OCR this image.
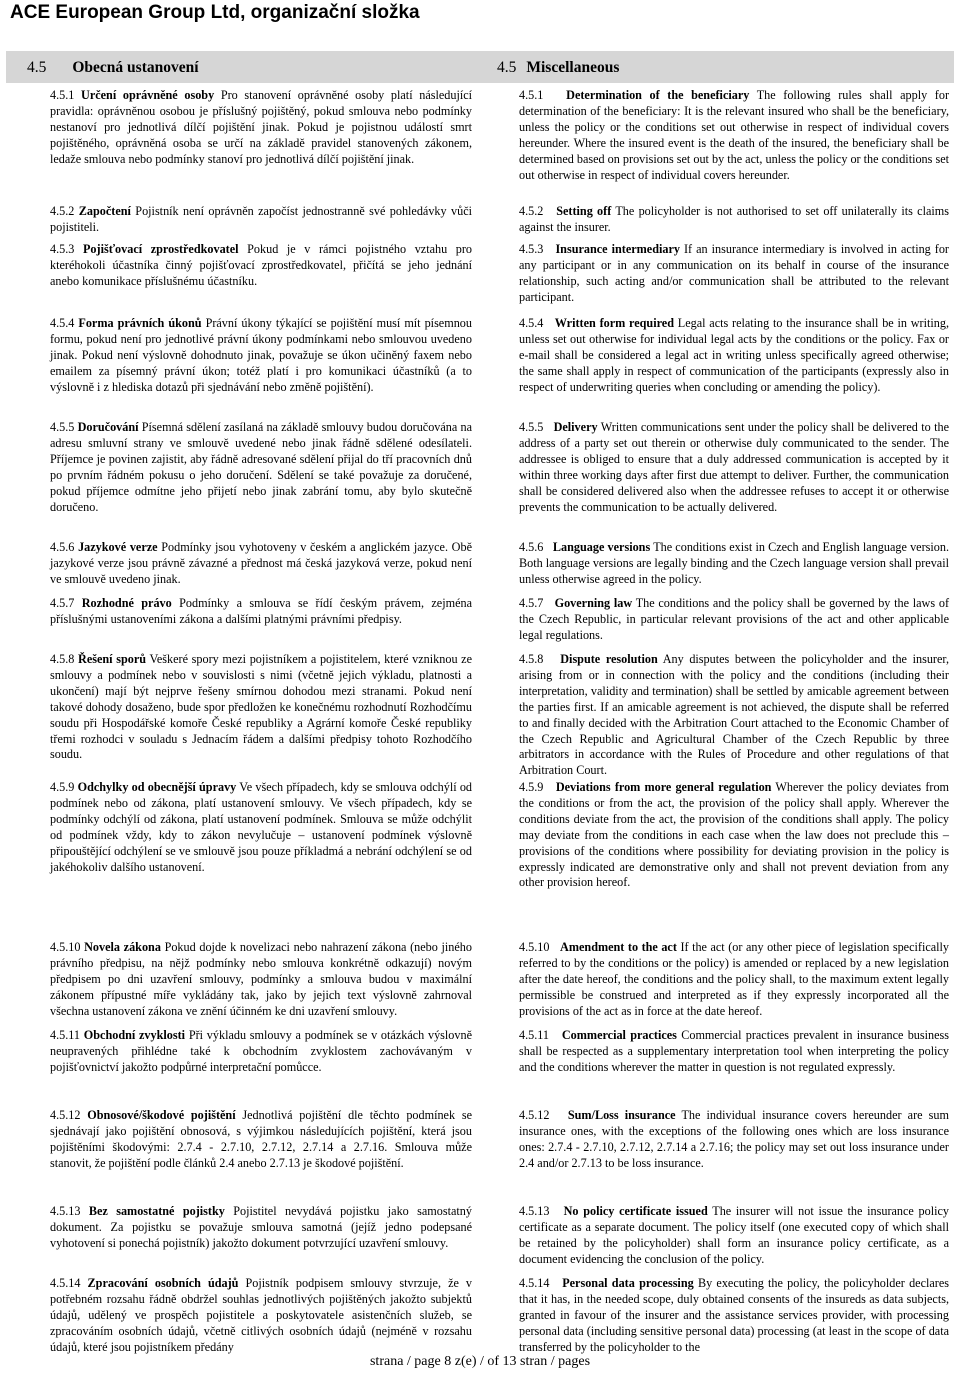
ACE European Group Ltd, organizační složka
4.5 Obecná ustanovení	4.5 Miscellaneous
4.5.1 Určení oprávněné osoby Pro stanovení oprávněné osoby platí následující pravidla: oprávněnou osobou je příslušný pojištěný, pokud smlouva nebo podmínky nestanoví pro jednotlivá dílčí pojištění jinak. Pokud je pojistnou událostí smrt pojištěného, oprávněná osoba se určí na základě pravidel stanovených zákonem, ledaže smlouva nebo podmínky stanoví pro jednotlivá dílčí pojištění jinak.
4.5.2 Započtení Pojistník není oprávněn započíst jednostranně své pohledávky vůči pojistiteli.
4.5.3 Pojišťovací zprostředkovatel Pokud je v rámci pojistného vztahu pro kteréhokoli účastníka činný pojišťovací zprostředkovatel, přičítá se jeho jednání anebo komunikace příslušnému účastníku.
4.5.4 Forma právních úkonů Právní úkony týkající se pojištění musí mít písemnou formu, pokud není pro jednotlivé právní úkony podmínkami nebo smlouvou uvedeno jinak. Pokud není výslovně dohodnuto jinak, považuje se úkon učiněný faxem nebo emailem za písemný právní úkon; totéž platí i pro komunikaci účastníků (a to výslovně i z hlediska dotazů při sjednávání nebo změně pojištění).
4.5.5 Doručování Písemná sdělení zasílaná na základě smlouvy budou doručována na adresu smluvní strany ve smlouvě uvedené nebo jinak řádně sdělené odesílateli. Příjemce je povinen zajistit, aby řádně adresované sdělení přijal do tří pracovních dnů po prvním řádném pokusu o jeho doručení. Sdělení se také považuje za doručené, pokud příjemce odmítne jeho přijetí nebo jinak zabrání tomu, aby bylo skutečně doručeno.
4.5.6 Jazykové verze Podmínky jsou vyhotoveny v českém a anglickém jazyce. Obě jazykové verze jsou právně závazné a přednost má česká jazyková verze, pokud není ve smlouvě uvedeno jinak.
4.5.7 Rozhodné právo Podmínky a smlouva se řídí českým právem, zejména příslušnými ustanoveními zákona a dalšími platnými právními předpisy.
4.5.8 Řešení sporů Veškeré spory mezi pojistníkem a pojistitelem, které vzniknou ze smlouvy a podmínek nebo v souvislosti s nimi (včetně jejich výkladu, platnosti a ukončení) mají být nejprve řešeny smírnou dohodou mezi stranami. Pokud není takové dohody dosaženo, bude spor předložen ke konečnému rozhodnutí Rozhodčímu soudu při Hospodářské komoře České republiky a Agrární komoře České republiky třemi rozhodci v souladu s Jednacím řádem a dalšími předpisy tohoto Rozhodčího soudu.
4.5.9 Odchylky od obecnější úpravy Ve všech případech, kdy se smlouva odchýlí od podmínek nebo od zákona, platí ustanovení smlouvy. Ve všech případech, kdy se podmínky odchýlí od zákona, platí ustanovení podmínek. Smlouva se může odchýlit od podmínek vždy, kdy to zákon nevylučuje – ustanovení podmínek výslovně připouštějící odchýlení se ve smlouvě jsou pouze příkladmá a nebrání odchýlení se od jakéhokoliv dalšího ustanovení.
4.5.10 Novela zákona Pokud dojde k novelizaci nebo nahrazení zákona (nebo jiného právního předpisu, na nějž podmínky nebo smlouva konkrétně odkazují) novým předpisem po dni uzavření smlouvy, podmínky a smlouva budou v maximální zákonem přípustné míře vykládány tak, jako by jejich text výslovně zahrnoval všechna ustanovení zákona ve znění účinném ke dni uzavření smlouvy.
4.5.11 Obchodní zvyklosti Při výkladu smlouvy a podmínek se v otázkách výslovně neupravených přihlédne také k obchodním zvyklostem zachovávaným v pojišťovnictví jakožto podpůrné interpretační pomůcce.
4.5.12 Obnosové/škodové pojištění Jednotlivá pojištění dle těchto podmínek se sjednávají jako pojištění obnosová, s výjimkou následujících pojištění, která jsou pojištěními škodovými: 2.7.4 - 2.7.10, 2.7.12, 2.7.14 a 2.7.16. Smlouva může stanovit, že pojištění podle článků 2.4 anebo 2.7.13 je škodové pojištění.
4.5.13 Bez samostatné pojistky Pojistitel nevydává pojistku jako samostatný dokument. Za pojistku se považuje smlouva samotná (jejíž jedno podepsané vyhotovení si ponechá pojistník) jakožto dokument potvrzující uzavření smlouvy.
4.5.14 Zpracování osobních údajů Pojistník podpisem smlouvy stvrzuje, že v potřebném rozsahu řádně obdržel souhlas jednotlivých pojištěných jakožto subjektů údajů, udělený ve prospěch pojistitele a poskytovatele asistenčních služeb, se zpracováním osobních údajů, včetně citlivých osobních údajů (nejméně v rozsahu údajů, které jsou pojistníkem předány
4.5.1 Determination of the beneficiary The following rules shall apply for determination of the beneficiary: It is the relevant insured who shall be the beneficiary, unless the policy or the conditions set out otherwise in respect of individual covers hereunder. Where the insured event is the death of the insured, the beneficiary shall be determined based on provisions set out by the act, unless the policy or the conditions set out otherwise in respect of individual covers hereunder.
4.5.2 Setting off The policyholder is not authorised to set off unilaterally its claims against the insurer.
4.5.3 Insurance intermediary If an insurance intermediary is involved in acting for any participant or in any communication on its behalf in course of the insurance relationship, such acting and/or communication shall be attributed to the relevant participant.
4.5.4 Written form required Legal acts relating to the insurance shall be in writing, unless set out otherwise for individual legal acts by the conditions or the policy. Fax or e-mail shall be considered a legal act in writing unless specifically agreed otherwise; the same shall apply in respect of communication of the participants (expressly also in respect of underwriting queries when concluding or amending the policy).
4.5.5 Delivery Written communications sent under the policy shall be delivered to the address of a party set out therein or otherwise duly communicated to the sender. The addressee is obliged to ensure that a duly addressed communication is accepted by it within three working days after first due attempt to deliver. Further, the communication shall be considered delivered also when the addressee refuses to accept it or otherwise prevents the communication to be actually delivered.
4.5.6 Language versions The conditions exist in Czech and English language version. Both language versions are legally binding and the Czech language version shall prevail unless otherwise agreed in the policy.
4.5.7 Governing law The conditions and the policy shall be governed by the laws of the Czech Republic, in particular relevant provisions of the act and other applicable legal regulations.
4.5.8 Dispute resolution Any disputes between the policyholder and the insurer, arising from or in connection with the policy and the conditions (including their interpretation, validity and termination) shall be settled by amicable agreement between the parties first. If an amicable agreement is not achieved, the dispute shall be referred to and finally decided with the Arbitration Court attached to the Economic Chamber of the Czech Republic and Agricultural Chamber of the Czech Republic by three arbitrators in accordance with the Rules of Procedure and other regulations of that Arbitration Court.
4.5.9 Deviations from more general regulation Wherever the policy deviates from the conditions or from the act, the provision of the policy shall apply. Wherever the conditions deviate from the act, the provision of the conditions shall apply. The policy may deviate from the conditions in each case when the law does not preclude this – provisions of the conditions where possibility for deviating provision in the policy is expressly indicated are demonstrative only and shall not prevent deviation from any other provision hereof.
4.5.10 Amendment to the act If the act (or any other piece of legislation specifically referred to by the conditions or the policy) is amended or replaced by a new legislation after the date hereof, the conditions and the policy shall, to the maximum extent legally permissible be construed and interpreted as if they expressly incorporated all the provisions of the act as in force at the date hereof.
4.5.11 Commercial practices Commercial practices prevalent in insurance business shall be respected as a supplementary interpretation tool when interpreting the policy and the conditions wherever the matter in question is not regulated expressly.
4.5.12 Sum/Loss insurance The individual insurance covers hereunder are sum insurance ones, with the exceptions of the following ones which are loss insurance ones: 2.7.4 - 2.7.10, 2.7.12, 2.7.14 a 2.7.16; the policy may set out loss insurance under 2.4 and/or 2.7.13 to be loss insurance.
4.5.13 No policy certificate issued The insurer will not issue the insurance policy certificate as a separate document. The policy itself (one executed copy of which shall be retained by the policyholder) shall form an insurance policy certificate, as a document evidencing the conclusion of the policy.
4.5.14 Personal data processing By executing the policy, the policyholder declares that it has, in the needed scope, duly obtained consents of the insureds as data subjects, granted in favour of the insurer and the assistance services provider, with processing personal data (including sensitive personal data) processing (at least in the scope of data transferred by the policyholder to the
strana / page 8 z(e) / of 13 stran / pages
